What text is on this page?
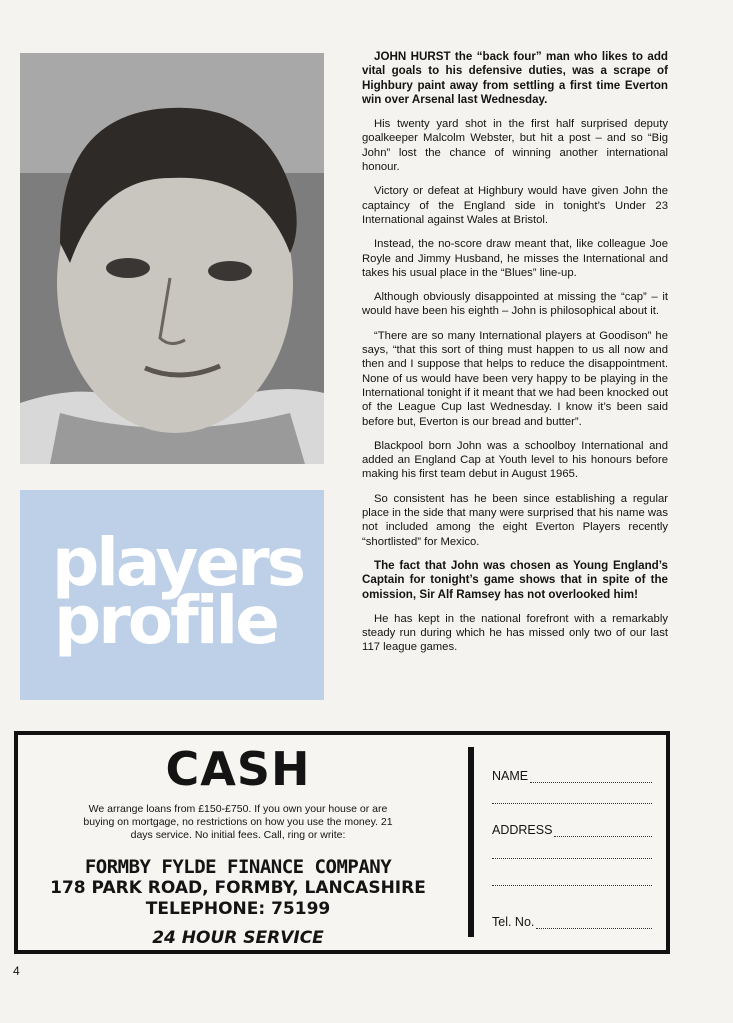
players
profile

JOHN HURST the “back four” man who likes to add vital goals to his defensive duties, was a scrape of Highbury paint away from settling a first time Everton win over Arsenal last Wednesday.

His twenty yard shot in the first half surprised deputy goalkeeper Malcolm Webster, but hit a post – and so “Big John” lost the chance of winning another international honour.

Victory or defeat at Highbury would have given John the captaincy of the England side in tonight’s Under 23 International against Wales at Bristol.

Instead, the no-score draw meant that, like colleague Joe Royle and Jimmy Husband, he misses the International and takes his usual place in the “Blues” line-up.

Although obviously disappointed at missing the “cap” – it would have been his eighth – John is philosophical about it.

“There are so many International players at Goodison” he says, “that this sort of thing must happen to us all now and then and I suppose that helps to reduce the disappointment. None of us would have been very happy to be playing in the International tonight if it meant that we had been knocked out of the League Cup last Wednesday. I know it’s been said before but, Everton is our bread and butter”.

Blackpool born John was a schoolboy International and added an England Cap at Youth level to his honours before making his first team debut in August 1965.

So consistent has he been since establishing a regular place in the side that many were surprised that his name was not included among the eight Everton Players recently “shortlisted” for Mexico.

The fact that John was chosen as Young England’s Captain for tonight’s game shows that in spite of the omission, Sir Alf Ramsey has not overlooked him!

He has kept in the national forefront with a remarkably steady run during which he has missed only two of our last 117 league games.

CASH
We arrange loans from £150-£750. If you own your house or are buying on mortgage, no restrictions on how you use the money. 21 days service. No initial fees. Call, ring or write:
FORMBY FYLDE FINANCE COMPANY
178 PARK ROAD, FORMBY, LANCASHIRE
TELEPHONE: 75199
24 HOUR SERVICE
NAME
ADDRESS
Tel. No.
4
